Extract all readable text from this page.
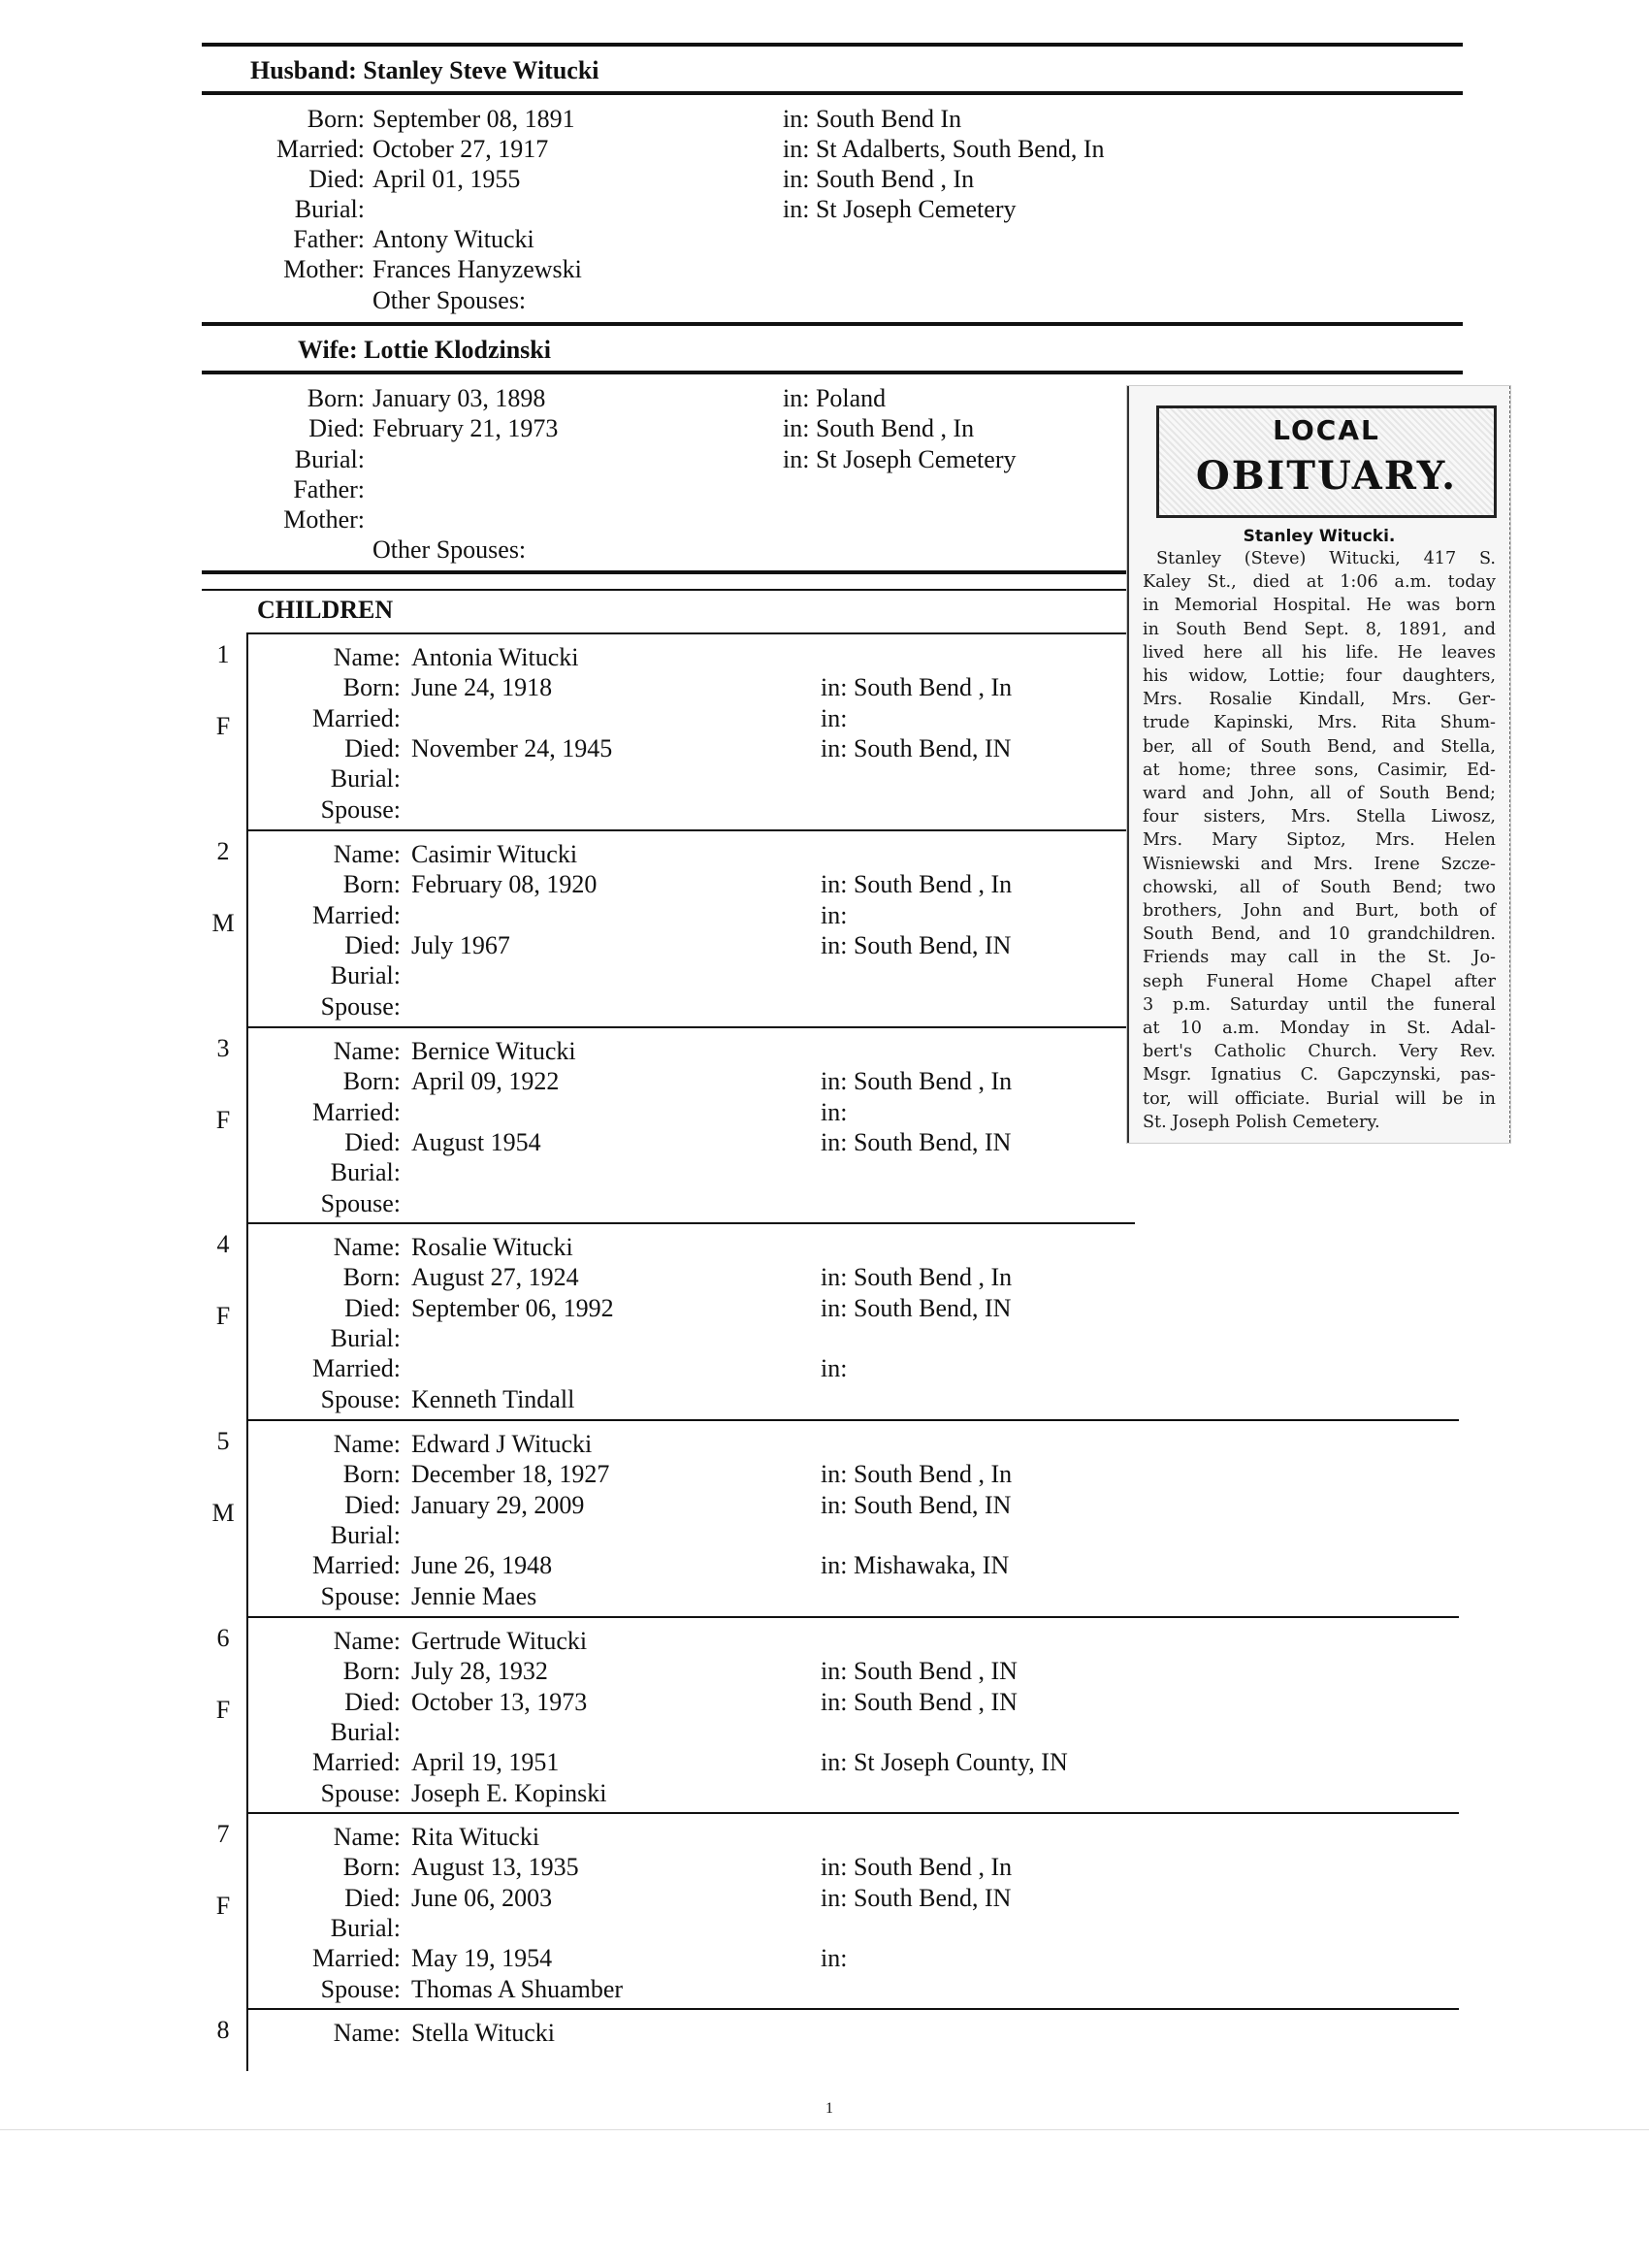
Husband: Stanley Steve Witucki
Born: September 08, 1891	in: South Bend In
Married: October 27, 1917	in: St Adalberts, South Bend, In
Died: April 01, 1955	in: South Bend , In
Burial:	in: St Joseph Cemetery
Father: Antony Witucki
Mother: Frances Hanyzewski
Other Spouses:
Wife: Lottie Klodzinski
Born: January 03, 1898	in: Poland
Died: February 21, 1973	in: South Bend , In
Burial:	in: St Joseph Cemetery
Father:
Mother:
Other Spouses:
CHILDREN
1
F
Name: Antonia Witucki
Born: June 24, 1918	in: South Bend , In
Married:	in:
Died: November 24, 1945	in: South Bend, IN
Burial:
Spouse:
2
M
Name: Casimir Witucki
Born: February 08, 1920	in: South Bend , In
Married:	in:
Died: July 1967	in: South Bend, IN
Burial:
Spouse:
3
F
Name: Bernice Witucki
Born: April 09, 1922	in: South Bend , In
Married:	in:
Died: August 1954	in: South Bend, IN
Burial:
Spouse:
4
F
Name: Rosalie Witucki
Born: August 27, 1924	in: South Bend , In
Died: September 06, 1992	in: South Bend, IN
Burial:
Married:	in:
Spouse: Kenneth Tindall
5
M
Name: Edward J Witucki
Born: December 18, 1927	in: South Bend , In
Died: January 29, 2009	in: South Bend, IN
Burial:
Married: June 26, 1948	in: Mishawaka, IN
Spouse: Jennie Maes
6
F
Name: Gertrude Witucki
Born: July 28, 1932	in: South Bend , IN
Died: October 13, 1973	in: South Bend , IN
Burial:
Married: April 19, 1951	in: St Joseph County, IN
Spouse: Joseph E. Kopinski
7
F
Name: Rita Witucki
Born: August 13, 1935	in: South Bend , In
Died: June 06, 2003	in: South Bend, IN
Burial:
Married: May 19, 1954	in:
Spouse: Thomas A Shuamber
8	Name: Stella Witucki
LOCAL
OBITUARY.
Stanley Witucki.
Stanley (Steve) Witucki, 417 S.
Kaley St., died at 1:06 a.m. today
in Memorial Hospital. He was born
in South Bend Sept. 8, 1891, and
lived here all his life. He leaves
his widow, Lottie; four daughters,
Mrs. Rosalie Kindall, Mrs. Ger-
trude Kapinski, Mrs. Rita Shum-
ber, all of South Bend, and Stella,
at home; three sons, Casimir, Ed-
ward and John, all of South Bend;
four sisters, Mrs. Stella Liwosz,
Mrs. Mary Siptoz, Mrs. Helen
Wisniewski and Mrs. Irene Szcze-
chowski, all of South Bend; two
brothers, John and Burt, both of
South Bend, and 10 grandchildren.
Friends may call in the St. Jo-
seph Funeral Home Chapel after
3 p.m. Saturday until the funeral
at 10 a.m. Monday in St. Adal-
bert's Catholic Church. Very Rev.
Msgr. Ignatius C. Gapczynski, pas-
tor, will officiate. Burial will be in
St. Joseph Polish Cemetery.
1
